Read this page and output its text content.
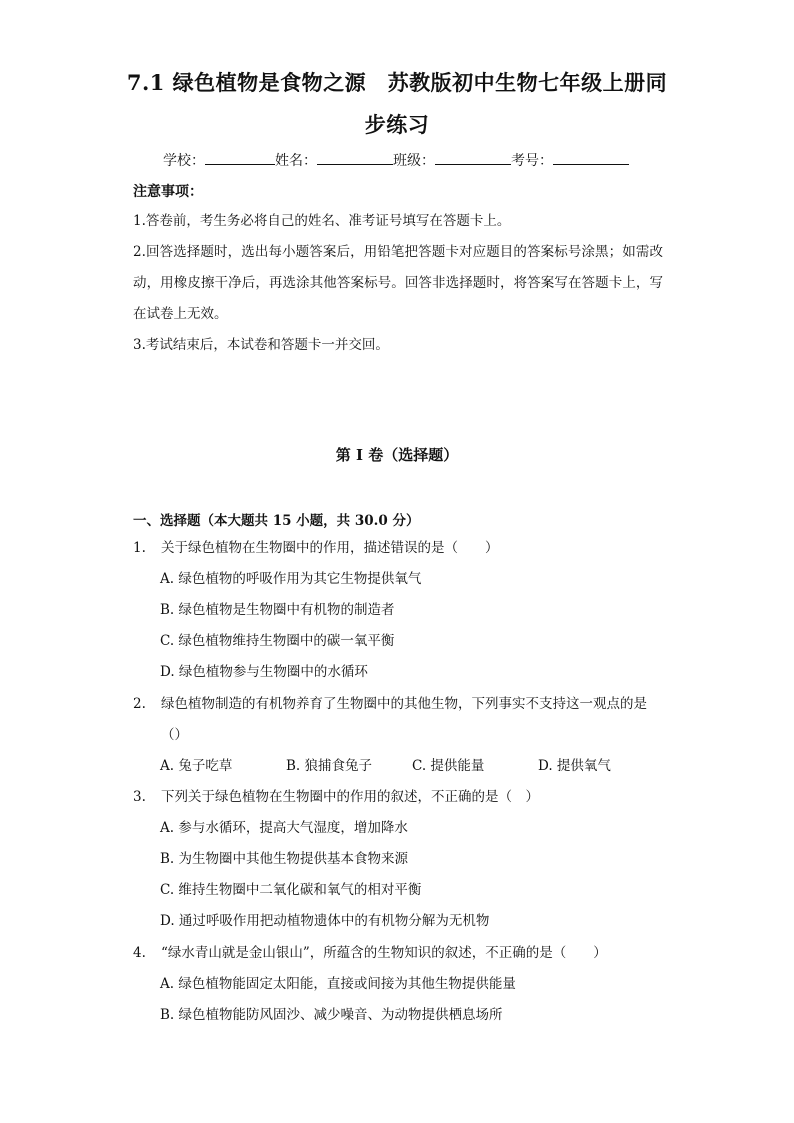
7.1 绿色植物是食物之源　苏教版初中生物七年级上册同
步练习
学校：	姓名：	班级：	考号：
注意事项：
1.答卷前，考生务必将自己的姓名、准考证号填写在答题卡上。
2.回答选择题时，选出每小题答案后，用铅笔把答题卡对应题目的答案标号涂黑；如需改动，用橡皮擦干净后，再选涂其他答案标号。回答非选择题时，将答案写在答题卡上，写在试卷上无效。
3.考试结束后，本试卷和答题卡一并交回。
第 I 卷（选择题）
一、选择题（本大题共 15 小题，共 30.0 分）
1. 关于绿色植物在生物圈中的作用，描述错误的是（　　）
A. 绿色植物的呼吸作用为其它生物提供氧气
B. 绿色植物是生物圈中有机物的制造者
C. 绿色植物维持生物圈中的碳一氧平衡
D. 绿色植物参与生物圈中的水循环
2. 绿色植物制造的有机物养育了生物圈中的其他生物，下列事实不支持这一观点的是（）
A. 兔子吃草	B. 狼捕食兔子	C. 提供能量	D. 提供氧气
3. 下列关于绿色植物在生物圈中的作用的叙述，不正确的是（　）
A. 参与水循环，提高大气湿度，增加降水
B. 为生物圈中其他生物提供基本食物来源
C. 维持生物圈中二氧化碳和氧气的相对平衡
D. 通过呼吸作用把动植物遗体中的有机物分解为无机物
4. “绿水青山就是金山银山”，所蕴含的生物知识的叙述，不正确的是（　　）
A. 绿色植物能固定太阳能，直接或间接为其他生物提供能量
B. 绿色植物能防风固沙、减少噪音、为动物提供栖息场所
